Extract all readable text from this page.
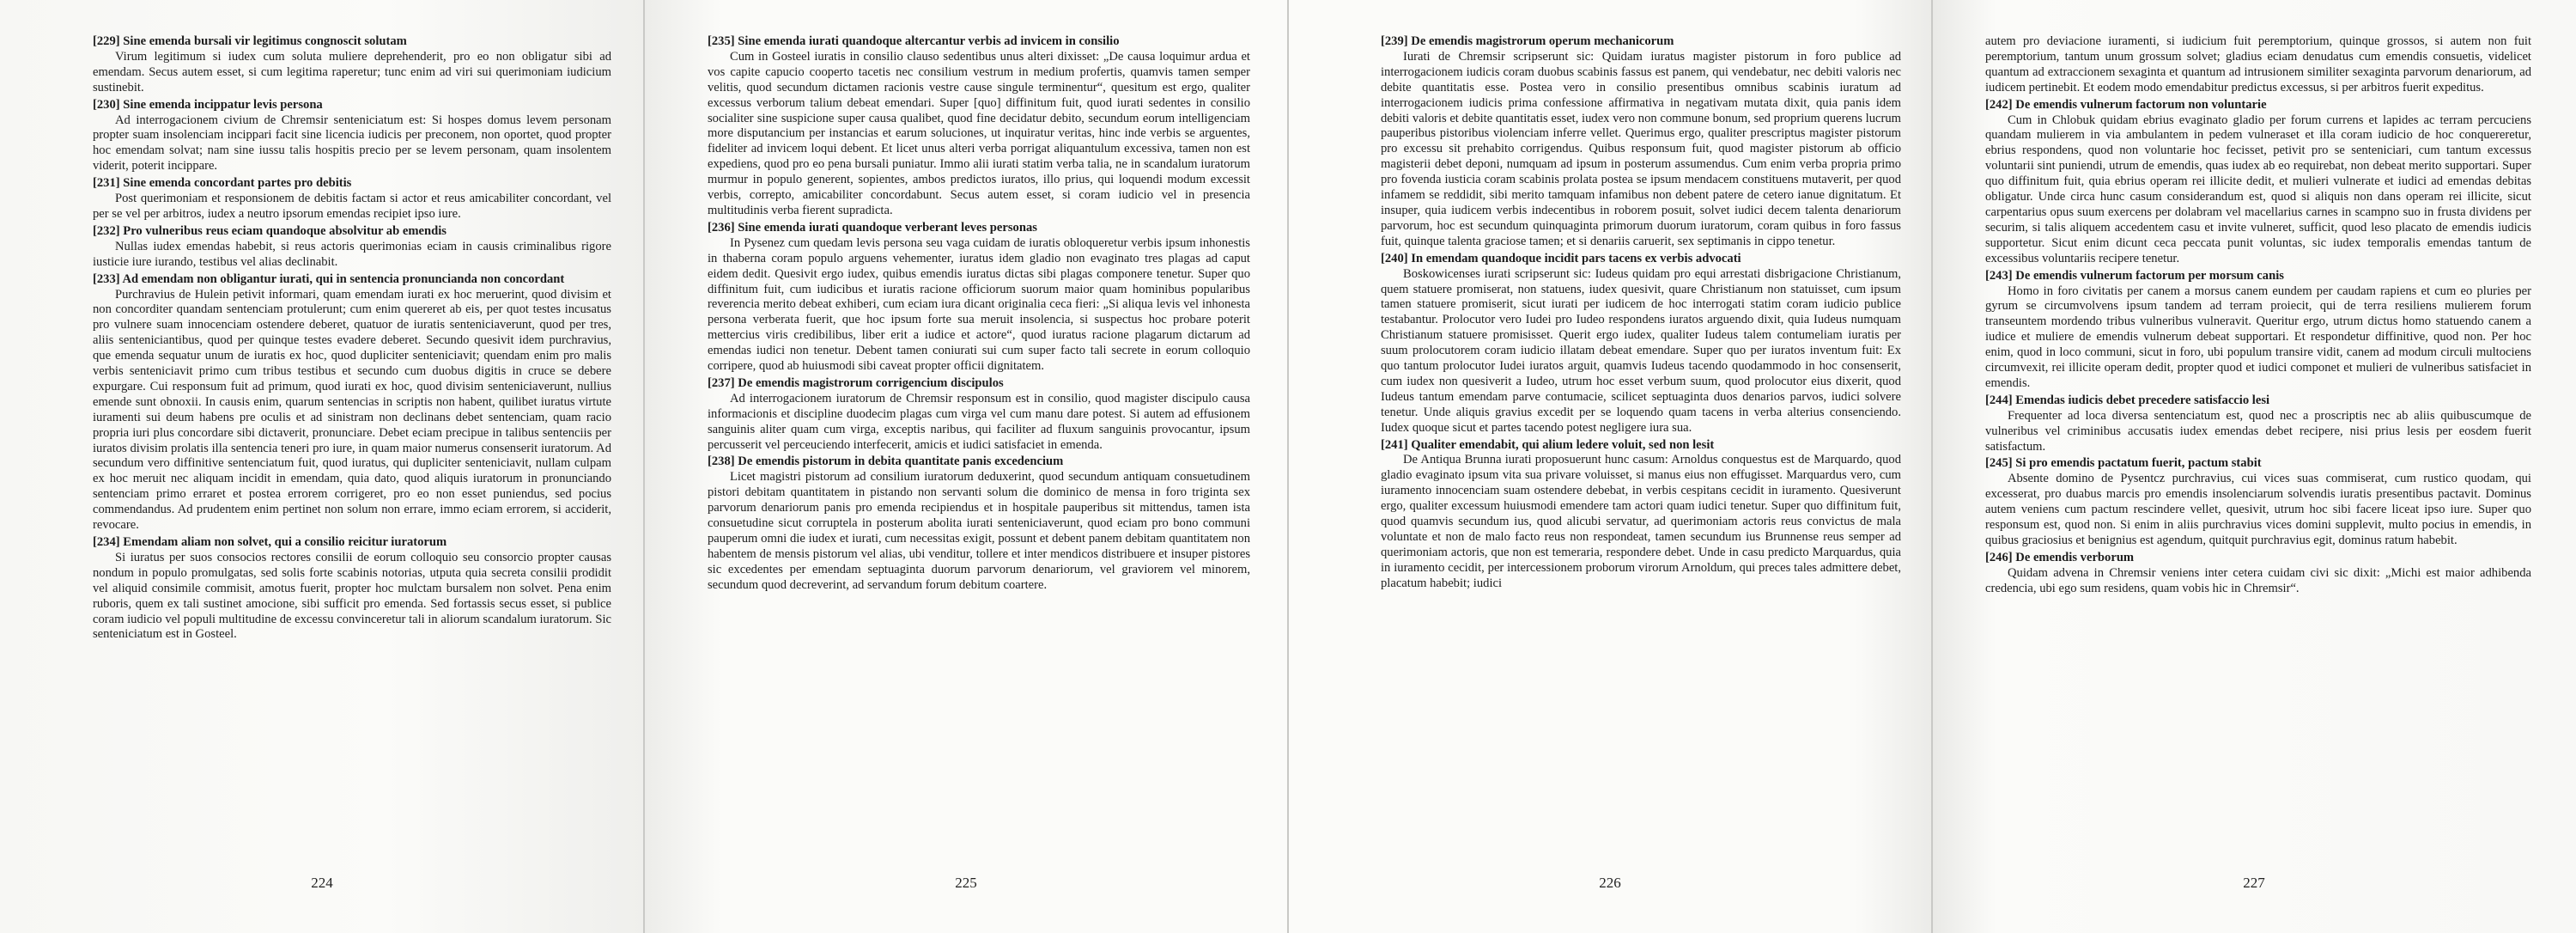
[229] Sine emenda bursali vir legitimus congnoscit solutam

Virum legitimum si iudex cum soluta muliere deprehenderit, pro eo non obligatur sibi ad emendam. Secus autem esset, si cum legitima raperetur; tunc enim ad viri sui querimoniam iudicium sustinebit.

[230] Sine emenda incippatur levis persona

Ad interrogacionem civium de Chremsir senteniciatum est: Si hospes domus levem personam propter suam insolenciam incippari facit sine licencia iudicis per preconem, non oportet, quod propter hoc emendam solvat; nam sine iussu talis hospitis precio per se levem personam, quam insolentem viderit, poterit incippare.

[231] Sine emenda concordant partes pro debitis

Post querimoniam et responsionem de debitis factam si actor et reus amicabiliter concordant, vel per se vel per arbitros, iudex a neutro ipsorum emendas recipiet ipso iure.

[232] Pro vulneribus reus eciam quandoque absolvitur ab emendis

Nullas iudex emendas habebit, si reus actoris querimonias eciam in causis criminalibus rigore iusticie iure iurando, testibus vel alias declinabit.

[233] Ad emendam non obligantur iurati, qui in sentencia pronuncianda non concordant

Purchravius de Hulein petivit informari, quam emendam iurati ex hoc meruerint, quod divisim et non concorditer quandam sentenciam protulerunt; cum enim quereret ab eis, per quot testes incusatus pro vulnere suam innocenciam ostendere deberet, quatuor de iuratis senteniciaverunt, quod per tres, aliis senteniciantibus, quod per quinque testes evadere deberet. Secundo quesivit idem purchravius, que emenda sequatur unum de iuratis ex hoc, quod dupliciter senteniciavit; quendam enim pro malis verbis senteniciavit primo cum tribus testibus et secundo cum duobus digitis in cruce se debere expurgare. Cui responsum fuit ad primum, quod iurati ex hoc, quod divisim senteniciaverunt, nullius emende sunt obnoxii. In causis enim, quarum sentencias in scriptis non habent, quilibet iuratus virtute iuramenti sui deum habens pre oculis et ad sinistram non declinans debet sentenciam, quam racio propria iuri plus concordare sibi dictaverit, pronunciare. Debet eciam precipue in talibus sentenciis per iuratos divisim prolatis illa sentencia teneri pro iure, in quam maior numerus consenserit iuratorum. Ad secundum vero diffinitive sentenciatum fuit, quod iuratus, qui dupliciter senteniciavit, nullam culpam ex hoc meruit nec aliquam incidit in emendam, quia dato, quod aliquis iuratorum in pronunciando sentenciam primo erraret et postea errorem corrigeret, pro eo non esset puniendus, sed pocius commendandus. Ad prudentem enim pertinet non solum non errare, immo eciam errorem, si acciderit, revocare.

[234] Emendam aliam non solvet, qui a consilio reicitur iuratorum

Si iuratus per suos consocios rectores consilii de eorum colloquio seu consorcio propter causas nondum in populo promulgatas, sed solis forte scabinis notorias, utputa quia secreta consilii prodidit vel aliquid consimile commisit, amotus fuerit, propter hoc mulctam bursalem non solvet. Pena enim ruboris, quem ex tali sustinet amocione, sibi sufficit pro emenda. Sed fortassis secus esset, si publice coram iudicio vel populi multitudine de excessu convinceretur tali in aliorum scandalum iuratorum. Sic senteniciatum est in Gosteel.

224
[235] Sine emenda iurati quandoque altercantur verbis ad invicem in consilio

Cum in Gosteel iuratis in consilio clauso sedentibus unus alteri dixisset: „De causa loquimur ardua et vos capite capucio cooperto tacetis nec consilium vestrum in medium profertis, quamvis tamen semper velitis, quod secundum dictamen racionis vestre cause singule terminentur“, quesitum est ergo, qualiter excessus verborum talium debeat emendari. Super [quo] diffinitum fuit, quod iurati sedentes in consilio socialiter sine suspicione super causa qualibet, quod fine decidatur debito, secundum eorum intelligenciam more disputancium per instancias et earum soluciones, ut inquiratur veritas, hinc inde verbis se arguentes, fideliter ad invicem loqui debent. Et licet unus alteri verba porrigat aliquantulum excessiva, tamen non est expediens, quod pro eo pena bursali puniatur. Immo alii iurati statim verba talia, ne in scandalum iuratorum murmur in populo generent, sopientes, ambos predictos iuratos, illo prius, qui loquendi modum excessit verbis, correpto, amicabiliter concordabunt. Secus autem esset, si coram iudicio vel in presencia multitudinis verba fierent supradicta.

[236] Sine emenda iurati quandoque verberant leves personas

In Pysenez cum quedam levis persona seu vaga cuidam de iuratis obloqueretur verbis ipsum inhonestis in thaberna coram populo arguens vehementer, iuratus idem gladio non evaginato tres plagas ad caput eidem dedit. Quesivit ergo iudex, quibus emendis iuratus dictas sibi plagas componere tenetur. Super quo diffinitum fuit, cum iudicibus et iuratis racione officiorum suorum maior quam hominibus popularibus reverencia merito debeat exhiberi, cum eciam iura dicant originalia ceca fieri: „Si aliqua levis vel inhonesta persona verberata fuerit, que hoc ipsum forte sua meruit insolencia, si suspectus hoc probare poterit mettercius viris credibilibus, liber erit a iudice et actore“, quod iuratus racione plagarum dictarum ad emendas iudici non tenetur. Debent tamen coniurati sui cum super facto tali secrete in eorum colloquio corripere, quod ab huiusmodi sibi caveat propter officii dignitatem.

[237] De emendis magistrorum corrigencium discipulos

Ad interrogacionem iuratorum de Chremsir responsum est in consilio, quod magister discipulo causa informacionis et discipline duodecim plagas cum virga vel cum manu dare potest. Si autem ad effusionem sanguinis aliter quam cum virga, exceptis naribus, qui faciliter ad fluxum sanguinis provocantur, ipsum percusserit vel perceuciendo interfecerit, amicis et iudici satisfaciet in emenda.

[238] De emendis pistorum in debita quantitate panis excedencium

Licet magistri pistorum ad consilium iuratorum deduxerint, quod secundum antiquam consuetudinem pistori debitam quantitatem in pistando non servanti solum die dominico de mensa in foro triginta sex parvorum denariorum panis pro emenda recipiendus et in hospitale pauperibus sit mittendus, tamen ista consuetudine sicut corruptela in posterum abolita iurati senteniciaverunt, quod eciam pro bono communi pauperum omni die iudex et iurati, cum necessitas exigit, possunt et debent panem debitam quantitatem non habentem de mensis pistorum vel alias, ubi venditur, tollere et inter mendicos distribuere et insuper pistores sic excedentes per emendam septuaginta duorum parvorum denariorum, vel graviorem vel minorem, secundum quod decreverint, ad servandum forum debitum coartere.

225
[239] De emendis magistrorum operum mechanicorum

Iurati de Chremsir scripserunt sic: Quidam iuratus magister pistorum in foro publice ad interrogacionem iudicis coram duobus scabinis fassus est panem, qui vendebatur, nec debiti valoris nec debite quantitatis esse. Postea vero in consilio presentibus omnibus scabinis iuratum ad interrogacionem iudicis prima confessione affirmativa in negativam mutata dixit, quia panis idem debiti valoris et debite quantitatis esset, iudex vero non commune bonum, sed proprium querens lucrum pauperibus pistoribus violenciam inferre vellet. Querimus ergo, qualiter prescriptus magister pistorum pro excessu sit prehabito corrigendus. Quibus responsum fuit, quod magister pistorum ab officio magisterii debet deponi, numquam ad ipsum in posterum assumendus. Cum enim verba propria primo pro fovenda iusticia coram scabinis prolata postea se ipsum mendacem constituens mutaverit, per quod infamem se reddidit, sibi merito tamquam infamibus non debent patere de cetero ianue dignitatum. Et insuper, quia iudicem verbis indecentibus in roborem posuit, solvet iudici decem talenta denariorum parvorum, hoc est secundum quinquaginta primorum duorum iuratorum, coram quibus in foro fassus fuit, quinque talenta graciose tamen; et si denariis caruerit, sex septimanis in cippo tenetur.

[240] In emendam quandoque incidit pars tacens ex verbis advocati

Boskowicenses iurati scripserunt sic: Iudeus quidam pro equi arrestati disbrigacione Christianum, quem statuere promiserat, non statuens, iudex quesivit, quare Christianum non statuisset, cum ipsum tamen statuere promiserit, sicut iurati per iudicem de hoc interrogati statim coram iudicio publice testabantur. Prolocutor vero Iudei pro Iudeo respondens iuratos arguendo dixit, quia Iudeus numquam Christianum statuere promisisset. Querit ergo iudex, qualiter Iudeus talem contumeliam iuratis per suum prolocutorem coram iudicio illatam debeat emendare. Super quo per iuratos inventum fuit: Ex quo tantum prolocutor Iudei iuratos arguit, quamvis Iudeus tacendo quodammodo in hoc consenserit, cum iudex non quesiverit a Iudeo, utrum hoc esset verbum suum, quod prolocutor eius dixerit, quod Iudeus tantum emendam parve contumacie, scilicet septuaginta duos denarios parvos, iudici solvere tenetur. Unde aliquis gravius excedit per se loquendo quam tacens in verba alterius consenciendo. Iudex quoque sicut et partes tacendo potest negligere iura sua.

[241] Qualiter emendabit, qui alium ledere voluit, sed non lesit

De Antiqua Brunna iurati proposuerunt hunc casum: Arnoldus conquestus est de Marquardo, quod gladio evaginato ipsum vita sua privare voluisset, si manus eius non effugisset. Marquardus vero, cum iuramento innocenciam suam ostendere debebat, in verbis cespitans cecidit in iuramento. Quesiverunt ergo, qualiter excessum huiusmodi emendere tam actori quam iudici tenetur. Super quo diffinitum fuit, quod quamvis secundum ius, quod alicubi servatur, ad querimoniam actoris reus convictus de mala voluntate et non de malo facto reus non respondeat, tamen secundum ius Brunnense reus semper ad querimoniam actoris, que non est temeraria, respondere debet. Unde in casu predicto Marquardus, quia in iuramento cecidit, per intercessionem proborum virorum Arnoldum, qui preces tales admittere debet, placatum habebit; iudici

226

autem pro deviacione iuramenti, si iudicium fuit peremptorium, quinque grossos, si autem non fuit peremptorium, tantum unum grossum solvet; gladius eciam denudatus cum emendis consuetis, videlicet quantum ad extraccionem sexaginta et quantum ad intrusionem similiter sexaginta parvorum denariorum, ad iudicem pertinebit. Et eodem modo emendabitur predictus excessus, si per arbitros fuerit expeditus.

[242] De emendis vulnerum factorum non voluntarie

Cum in Chlobuk quidam ebrius evaginato gladio per forum currens et lapides ac terram percuciens quandam mulierem in via ambulantem in pedem vulneraset et illa coram iudicio de hoc conquereretur, ebrius respondens, quod non voluntarie hoc fecisset, petivit pro se senteniciari, cum tantum excessus voluntarii sint puniendi, utrum de emendis, quas iudex ab eo requirebat, non debeat merito supportari. Super quo diffinitum fuit, quia ebrius operam rei illicite dedit, et mulieri vulnerate et iudici ad emendas debitas obligatur. Unde circa hunc casum considerandum est, quod si aliquis non dans operam rei illicite, sicut carpentarius opus suum exercens per dolabram vel macellarius carnes in scampno suo in frusta dividens per securim, si talis aliquem accedentem casu et invite vulneret, sufficit, quod leso placato de emendis iudicis supportetur. Sicut enim dicunt ceca peccata punit voluntas, sic iudex temporalis emendas tantum de excessibus voluntariis recipere tenetur.

[243] De emendis vulnerum factorum per morsum canis

Homo in foro civitatis per canem a morsus canem eundem per caudam rapiens et cum eo pluries per gyrum se circumvolvens ipsum tandem ad terram proiecit, qui de terra resiliens mulierem forum transeuntem mordendo tribus vulneribus vulneravit. Queritur ergo, utrum dictus homo statuendo canem a iudice et muliere de emendis vulnerum debeat supportari. Et respondetur diffinitive, quod non. Per hoc enim, quod in loco communi, sicut in foro, ubi populum transire vidit, canem ad modum circuli multociens circumvexit, rei illicite operam dedit, propter quod et iudici componet et mulieri de vulneribus satisfaciet in emendis.

[244] Emendas iudicis debet precedere satisfaccio lesi

Frequenter ad loca diversa sentenciatum est, quod nec a proscriptis nec ab aliis quibuscumque de vulneribus vel criminibus accusatis iudex emendas debet recipere, nisi prius lesis per eosdem fuerit satisfactum.

[245] Si pro emendis pactatum fuerit, pactum stabit

Absente domino de Pysentcz purchravius, cui vices suas commiserat, cum rustico quodam, qui excesserat, pro duabus marcis pro emendis insolenciarum solvendis iuratis presentibus pactavit. Dominus autem veniens cum pactum rescindere vellet, quesivit, utrum hoc sibi facere liceat ipso iure. Super quo responsum est, quod non. Si enim in aliis purchravius vices domini supplevit, multo pocius in emendis, in quibus graciosius et benignius est agendum, quitquit purchravius egit, dominus ratum habebit.

[246] De emendis verborum

Quidam advena in Chremsir veniens inter cetera cuidam civi sic dixit: „Michi est maior adhibenda credencia, ubi ego sum residens, quam vobis hic in Chremsir“.

227
